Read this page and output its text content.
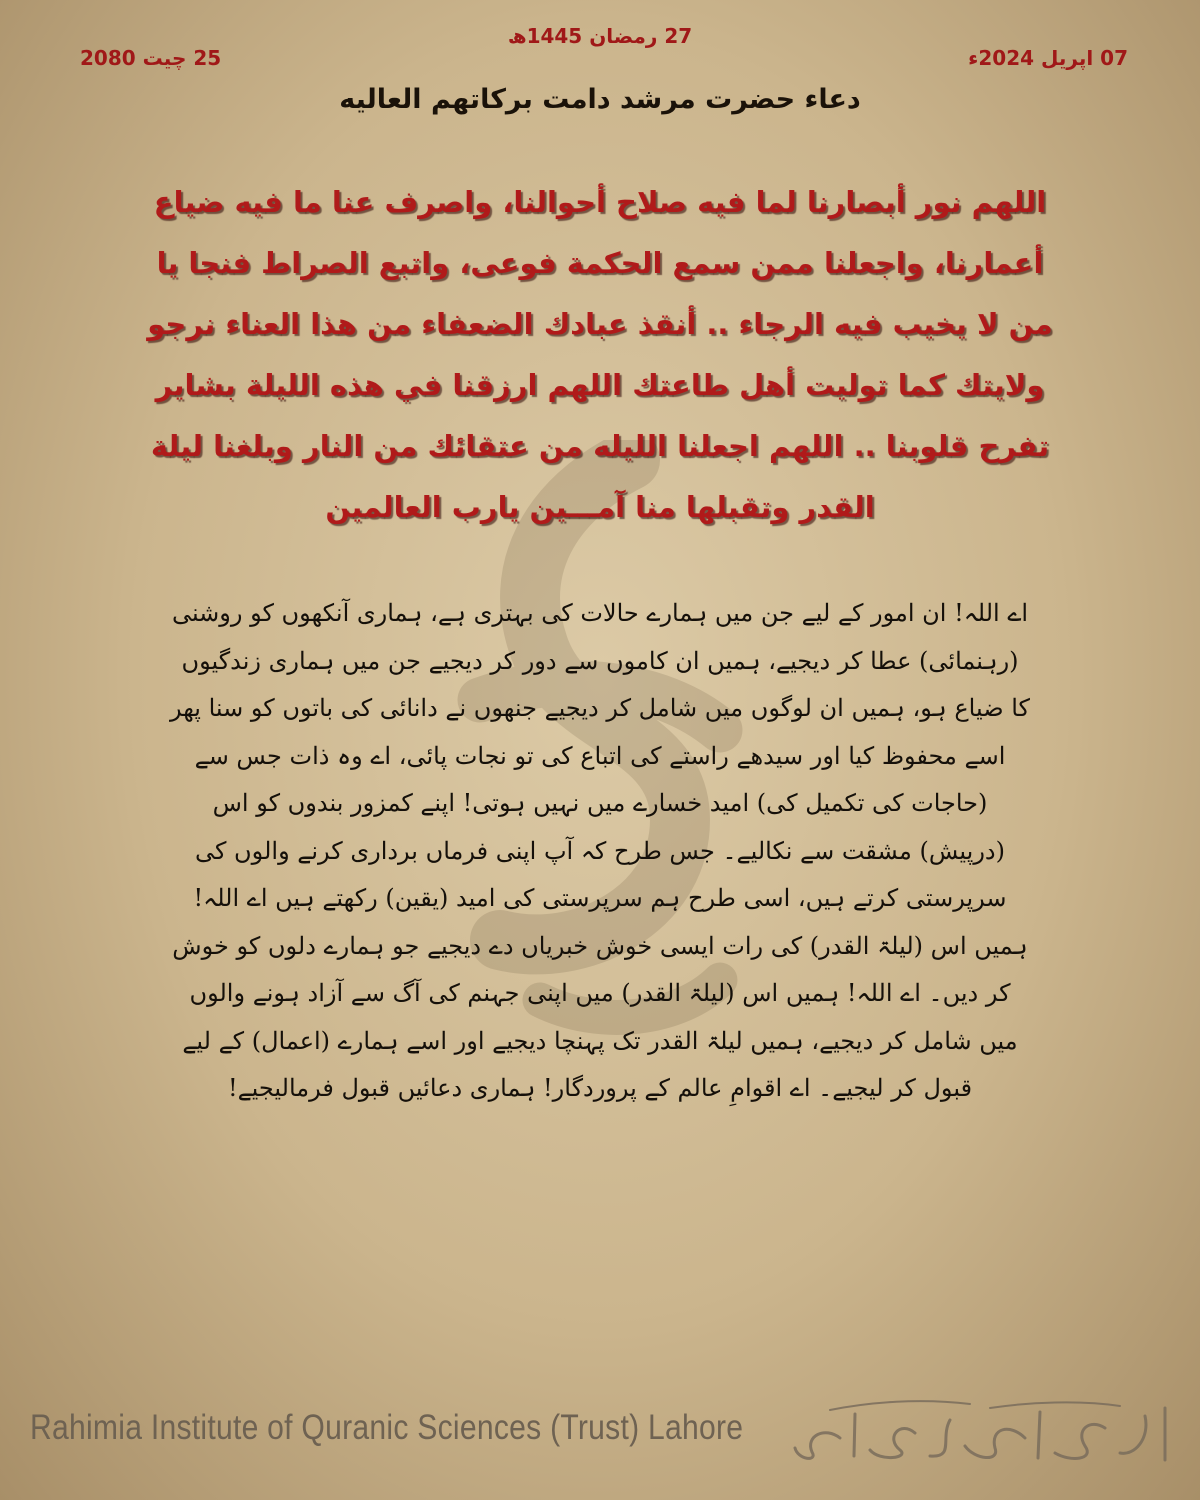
27 رمضان 1445ھ
07 اپریل 2024ء
25 چیت 2080
دعاء حضرت مرشد دامت برکاتهم العالیه
اللهم نور أبصارنا لما فيه صلاح أحوالنا، واصرف عنا ما فيه ضياع أعمارنا، واجعلنا ممن سمع الحكمة فوعى، واتبع الصراط فنجا يا من لا يخيب فيه الرجاء .. أنقذ عبادك الضعفاء من هذا العناء نرجو ولايتك كما توليت أهل طاعتك اللهم ارزقنا في هذه الليلة بشاير تفرح قلوبنا .. اللهم اجعلنا الليله من عتقائك من النار وبلغنا ليلة القدر وتقبلها منا آمـــين يارب العالمين
اے اللہ! ان امور کے لیے جن میں ہمارے حالات کی بہتری ہے، ہماری آنکھوں کو روشنی (رہنمائی) عطا کر دیجیے، ہمیں ان کاموں سے دور کر دیجیے جن میں ہماری زندگیوں کا ضیاع ہو، ہمیں ان لوگوں میں شامل کر دیجیے جنھوں نے دانائی کی باتوں کو سنا پھر اسے محفوظ کیا اور سیدھے راستے کی اتباع کی تو نجات پائی، اے وہ ذات جس سے (حاجات کی تکمیل کی) امید خسارے میں نہیں ہوتی! اپنے کمزور بندوں کو اس (درپیش) مشقت سے نکالیے۔ جس طرح کہ آپ اپنی فرماں برداری کرنے والوں کی سرپرستی کرتے ہیں، اسی طرح ہم سرپرستی کی امید (یقین) رکھتے ہیں اے اللہ! ہمیں اس (لیلۃ القدر) کی رات ایسی خوش خبریاں دے دیجیے جو ہمارے دلوں کو خوش کر دیں۔ اے اللہ! ہمیں اس (لیلۃ القدر) میں اپنی جہنم کی آگ سے آزاد ہونے والوں میں شامل کر دیجیے، ہمیں لیلۃ القدر تک پہنچا دیجیے اور اسے ہمارے (اعمال) کے لیے قبول کر لیجیے۔ اے اقوامِ عالم کے پروردگار! ہماری دعائیں قبول فرمالیجیے!
Rahimia Institute of Quranic Sciences (Trust) Lahore
